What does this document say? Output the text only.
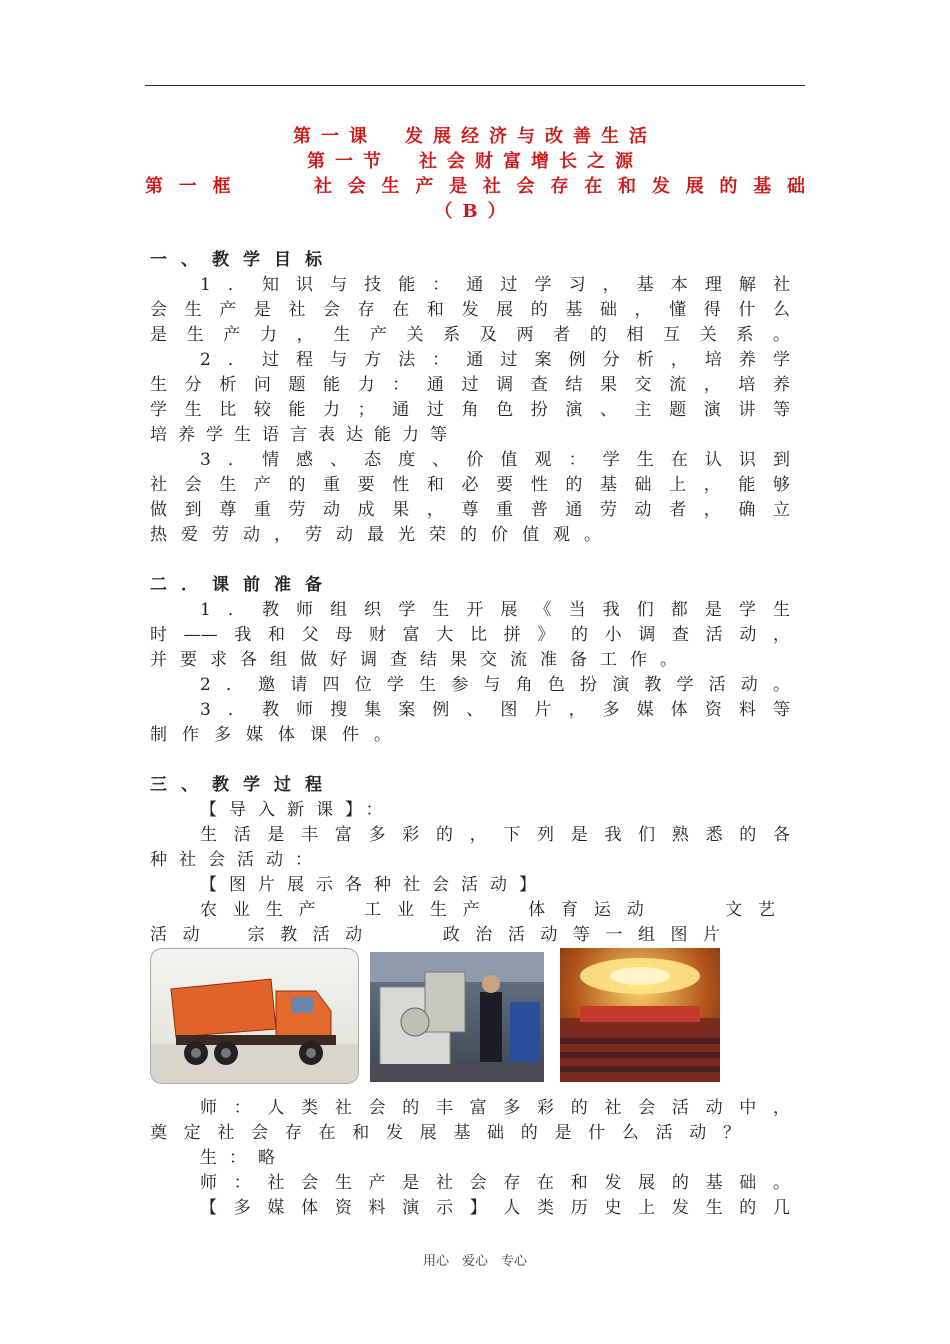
第一课　发展经济与改善生活
第一节　社会财富增长之源
第一框　　社会生产是社会存在和发展的基础
（B）
一、教学目标
1．知识与技能：通过学习，基本理解社
会生产是社会存在和发展的基础，懂得什么
是生产力，生产关系及两者的相互关系。
2．过程与方法：通过案例分析，培养学
生分析问题能力：通过调查结果交流，培养
学生比较能力；通过角色扮演、主题演讲等
培养学生语言表达能力等
3．情感、态度、价值观：学生在认识到
社会生产的重要性和必要性的基础上，能够
做到尊重劳动成果，尊重普通劳动者，确立
热爱劳动，劳动最光荣的价值观。
二．课前准备
1．教师组织学生开展《当我们都是学生
时——我和父母财富大比拼》的小调查活动，
并要求各组做好调查结果交流准备工作。
2．邀请四位学生参与角色扮演教学活动。
3．教师搜集案例、图片，多媒体资料等
制作多媒体课件。
三、教学过程
【导入新课】：
生活是丰富多彩的，下列是我们熟悉的各
种社会活动：
【图片展示各种社会活动】
农业生产　工业生产　体育运动　　文艺
活动　宗教活动　　政治活动等一组图片
师：人类社会的丰富多彩的社会活动中，
奠定社会存在和发展基础的是什么活动？
生：略
师：社会生产是社会存在和发展的基础。
【多媒体资料演示】人类历史上发生的几
用心　爱心　专心
